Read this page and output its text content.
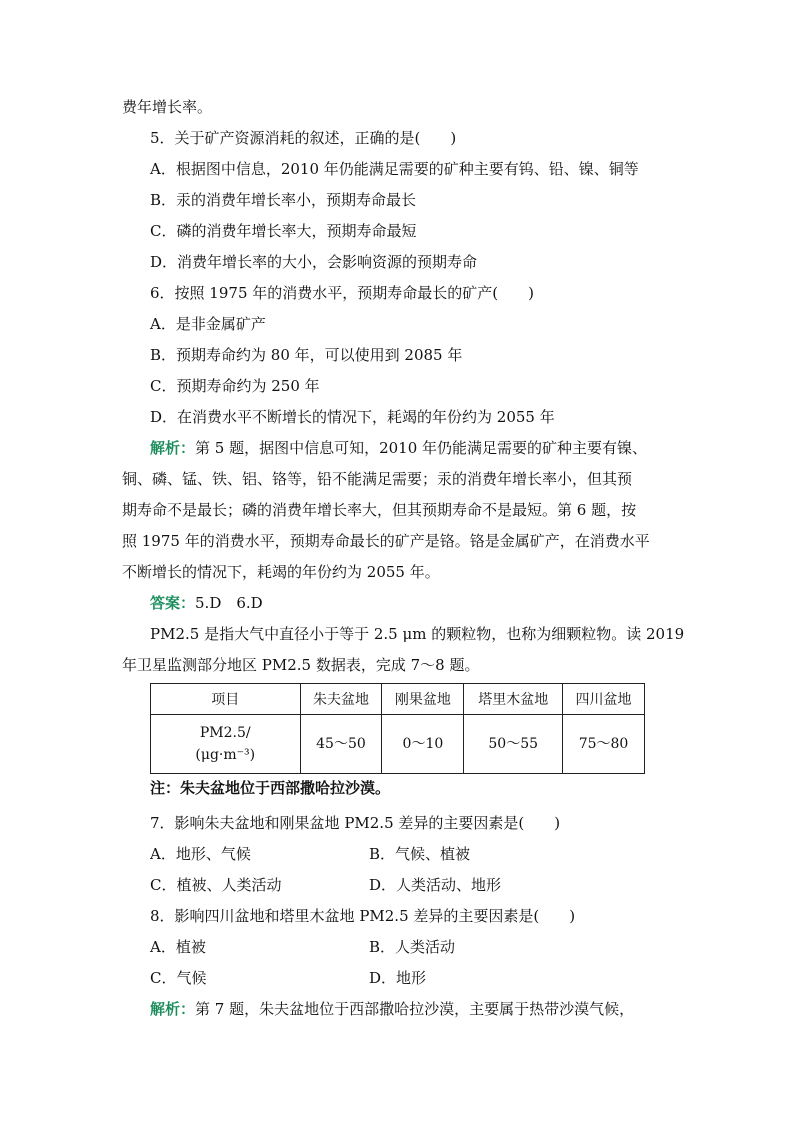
费年增长率。
5．关于矿产资源消耗的叙述，正确的是(　　)
A．根据图中信息，2010 年仍能满足需要的矿种主要有钨、铅、镍、铜等
B．汞的消费年增长率小，预期寿命最长
C．磷的消费年增长率大，预期寿命最短
D．消费年增长率的大小，会影响资源的预期寿命
6．按照 1975 年的消费水平，预期寿命最长的矿产(　　)
A．是非金属矿产
B．预期寿命约为 80 年，可以使用到 2085 年
C．预期寿命约为 250 年
D．在消费水平不断增长的情况下，耗竭的年份约为 2055 年
解析：第 5 题，据图中信息可知，2010 年仍能满足需要的矿种主要有镍、
铜、磷、锰、铁、铝、铬等，铅不能满足需要；汞的消费年增长率小，但其预
期寿命不是最长；磷的消费年增长率大，但其预期寿命不是最短。第 6 题，按
照 1975 年的消费水平，预期寿命最长的矿产是铬。铬是金属矿产，在消费水平
不断增长的情况下，耗竭的年份约为 2055 年。
答案：5.D　6.D
PM2.5 是指大气中直径小于等于 2.5 μm 的颗粒物，也称为细颗粒物。读 2019
年卫星监测部分地区 PM2.5 数据表，完成 7～8 题。
项目	朱夫盆地	刚果盆地	塔里木盆地	四川盆地

PM2.5/
(μg·m⁻³)	45～50	0～10	50～55	75～80
注：朱夫盆地位于西部撒哈拉沙漠。
7．影响朱夫盆地和刚果盆地 PM2.5 差异的主要因素是(　　)
A．地形、气候	B．气候、植被
C．植被、人类活动	D．人类活动、地形
8．影响四川盆地和塔里木盆地 PM2.5 差异的主要因素是(　　)
A．植被	B．人类活动
C．气候	D．地形
解析：第 7 题，朱夫盆地位于西部撒哈拉沙漠，主要属于热带沙漠气候，
